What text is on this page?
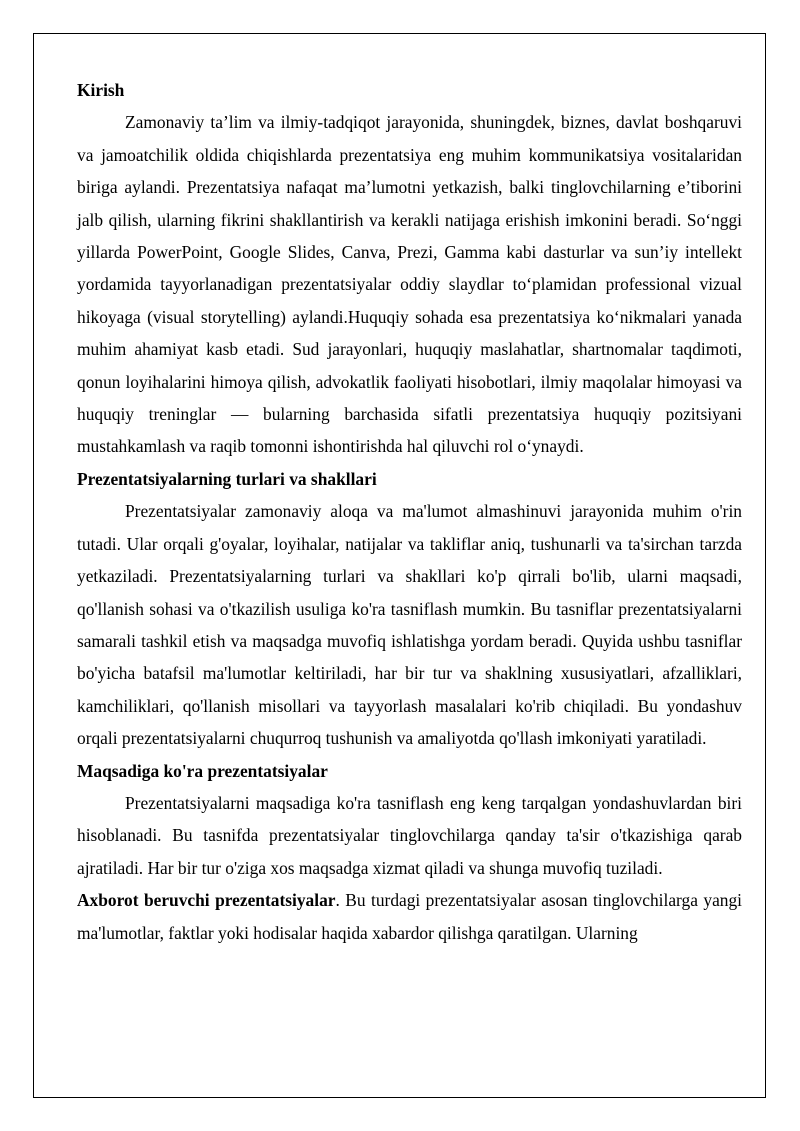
Kirish

Zamonaviy ta’lim va ilmiy-tadqiqot jarayonida, shuningdek, biznes, davlat boshqaruvi va jamoatchilik oldida chiqishlarda prezentatsiya eng muhim kommunikatsiya vositalaridan biriga aylandi. Prezentatsiya nafaqat ma’lumotni yetkazish, balki tinglovchilarning e’tiborini jalb qilish, ularning fikrini shakllantirish va kerakli natijaga erishish imkonini beradi. So‘nggi yillarda PowerPoint, Google Slides, Canva, Prezi, Gamma kabi dasturlar va sun’iy intellekt yordamida tayyorlanadigan prezentatsiyalar oddiy slaydlar to‘plamidan professional vizual hikoyaga (visual storytelling) aylandi.Huquqiy sohada esa prezentatsiya ko‘nikmalari yanada muhim ahamiyat kasb etadi. Sud jarayonlari, huquqiy maslahatlar, shartnomalar taqdimoti, qonun loyihalarini himoya qilish, advokatlik faoliyati hisobotlari, ilmiy maqolalar himoyasi va huquqiy treninglar — bularning barchasida sifatli prezentatsiya huquqiy pozitsiyani mustahkamlash va raqib tomonni ishontirishda hal qiluvchi rol o‘ynaydi.

Prezentatsiyalarning turlari va shakllari

Prezentatsiyalar zamonaviy aloqa va ma'lumot almashinuvi jarayonida muhim o'rin tutadi. Ular orqali g'oyalar, loyihalar, natijalar va takliflar aniq, tushunarli va ta'sirchan tarzda yetkaziladi. Prezentatsiyalarning turlari va shakllari ko'p qirrali bo'lib, ularni maqsadi, qo'llanish sohasi va o'tkazilish usuliga ko'ra tasniflash mumkin. Bu tasniflar prezentatsiyalarni samarali tashkil etish va maqsadga muvofiq ishlatishga yordam beradi. Quyida ushbu tasniflar bo'yicha batafsil ma'lumotlar keltiriladi, har bir tur va shaklning xususiyatlari, afzalliklari, kamchiliklari, qo'llanish misollari va tayyorlash masalalari ko'rib chiqiladi. Bu yondashuv orqali prezentatsiyalarni chuqurroq tushunish va amaliyotda qo'llash imkoniyati yaratiladi.

Maqsadiga ko'ra prezentatsiyalar

Prezentatsiyalarni maqsadiga ko'ra tasniflash eng keng tarqalgan yondashuvlardan biri hisoblanadi. Bu tasnifda prezentatsiyalar tinglovchilarga qanday ta'sir o'tkazishiga qarab ajratiladi. Har bir tur o'ziga xos maqsadga xizmat qiladi va shunga muvofiq tuziladi.

Axborot beruvchi prezentatsiyalar. Bu turdagi prezentatsiyalar asosan tinglovchilarga yangi ma'lumotlar, faktlar yoki hodisalar haqida xabardor qilishga qaratilgan. Ularning
